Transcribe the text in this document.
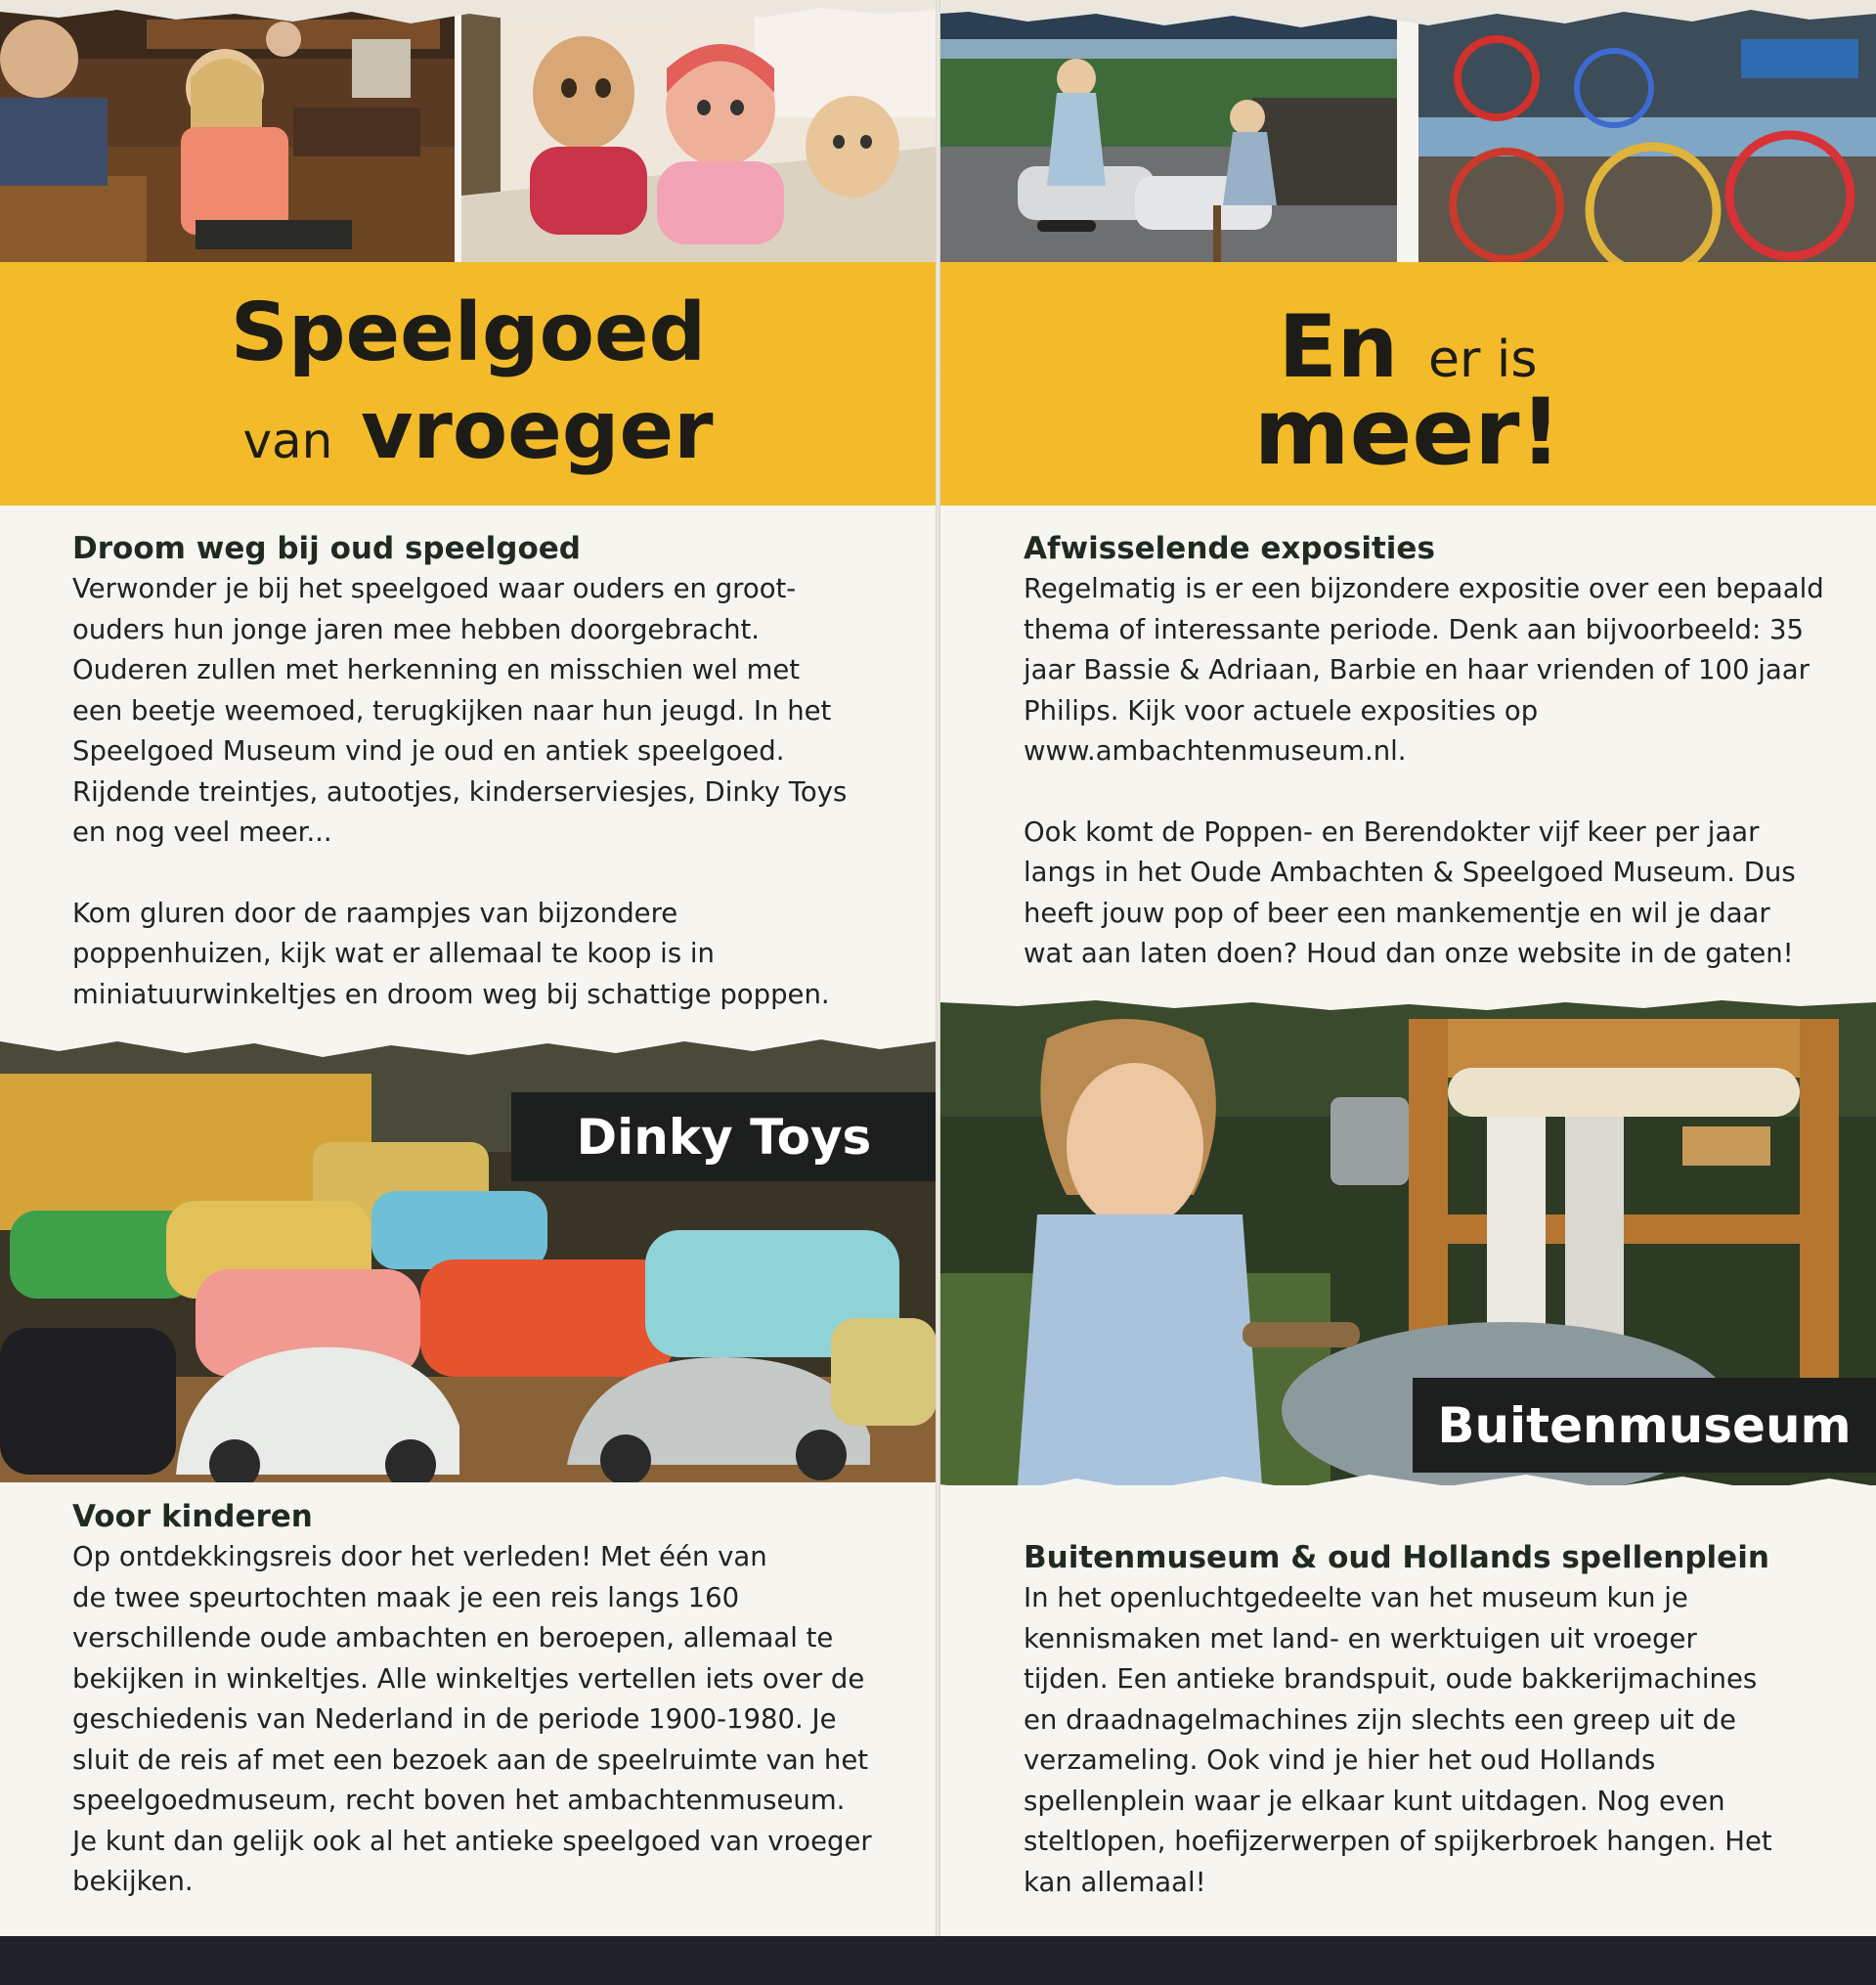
Speelgoed
van vroeger
Droom weg bij oud speelgoed

Verwonder je bij het speelgoed waar ouders en groot-
ouders hun jonge jaren mee hebben doorgebracht.
Ouderen zullen met herkenning en misschien wel met
een beetje weemoed, terugkijken naar hun jeugd. In het
Speelgoed Museum vind je oud en antiek speelgoed.
Rijdende treintjes, autootjes, kinderserviesjes, Dinky Toys
en nog veel meer...

Kom gluren door de raampjes van bijzondere
poppenhuizen, kijk wat er allemaal te koop is in
miniatuurwinkeltjes en droom weg bij schattige poppen.

Dinky Toys
Voor kinderen

Op ontdekkingsreis door het verleden! Met één van
de twee speurtochten maak je een reis langs 160
verschillende oude ambachten en beroepen, allemaal te
bekijken in winkeltjes. Alle winkeltjes vertellen iets over de
geschiedenis van Nederland in de periode 1900-1980. Je
sluit de reis af met een bezoek aan de speelruimte van het
speelgoedmuseum, recht boven het ambachtenmuseum.
Je kunt dan gelijk ook al het antieke speelgoed van vroeger
bekijken.

En er is
meer!
Afwisselende exposities

Regelmatig is er een bijzondere expositie over een bepaald
thema of interessante periode. Denk aan bijvoorbeeld: 35
jaar Bassie & Adriaan, Barbie en haar vrienden of 100 jaar
Philips. Kijk voor actuele exposities op
www.ambachtenmuseum.nl.

Ook komt de Poppen- en Berendokter vijf keer per jaar
langs in het Oude Ambachten & Speelgoed Museum. Dus
heeft jouw pop of beer een mankementje en wil je daar
wat aan laten doen? Houd dan onze website in de gaten!

Buitenmuseum
Buitenmuseum & oud Hollands spellenplein

In het openluchtgedeelte van het museum kun je
kennismaken met land- en werktuigen uit vroeger
tijden. Een antieke brandspuit, oude bakkerijmachines
en draadnagelmachines zijn slechts een greep uit de
verzameling. Ook vind je hier het oud Hollands
spellenplein waar je elkaar kunt uitdagen. Nog even
steltlopen, hoefijzerwerpen of spijkerbroek hangen. Het
kan allemaal!
